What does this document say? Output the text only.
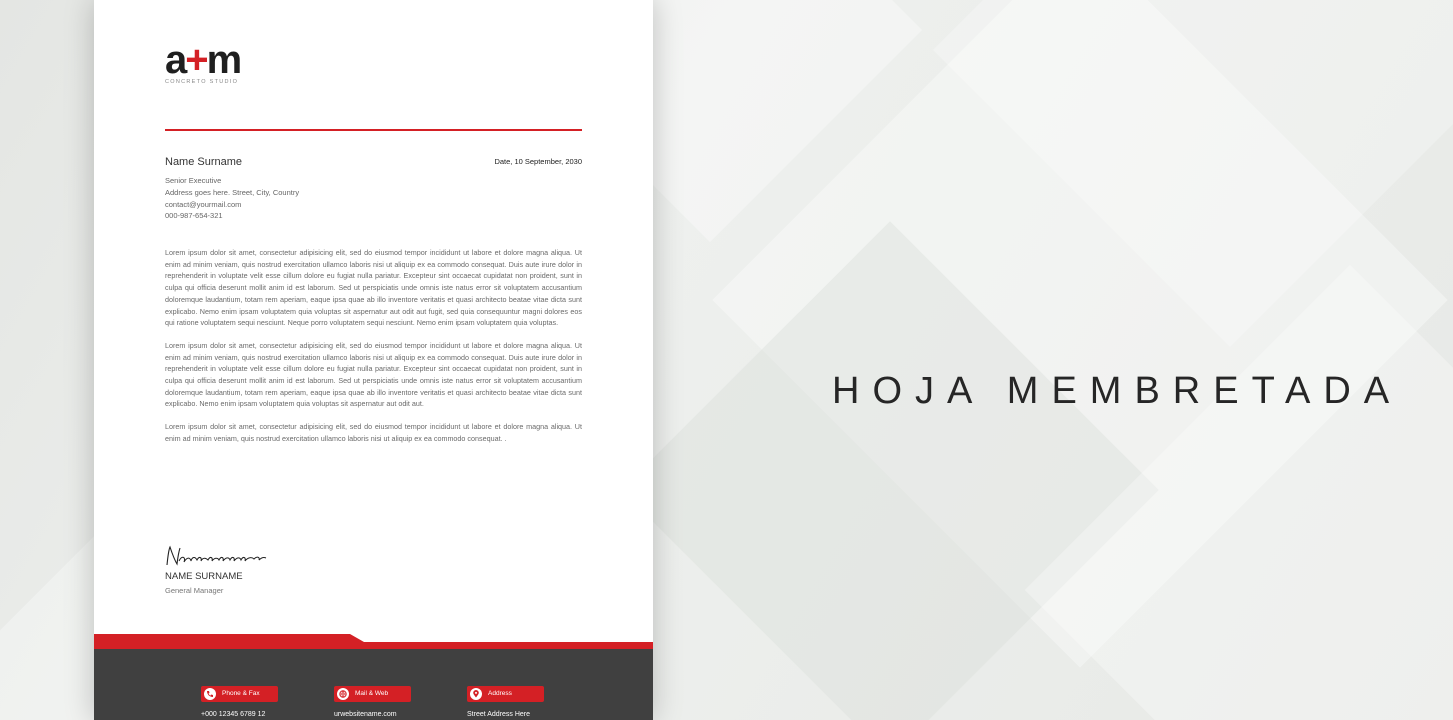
HOJA MEMBRETADA
a+m
CONCRETO STUDIO
Name Surname	Date, 10 September, 2030
Senior Executive
Address goes here. Street, City, Country
contact@yourmail.com
000-987-654-321

Lorem ipsum dolor sit amet, consectetur adipisicing elit, sed do eiusmod tempor incididunt ut labore et dolore magna aliqua. Ut enim ad minim veniam, quis nostrud exercitation ullamco laboris nisi ut aliquip ex ea commodo consequat. Duis aute irure dolor in reprehenderit in voluptate velit esse cillum dolore eu fugiat nulla pariatur. Excepteur sint occaecat cupidatat non proident, sunt in culpa qui officia deserunt mollit anim id est laborum. Sed ut perspiciatis unde omnis iste natus error sit voluptatem accusantium doloremque laudantium, totam rem aperiam, eaque ipsa quae ab illo inventore veritatis et quasi architecto beatae vitae dicta sunt explicabo. Nemo enim ipsam voluptatem quia voluptas sit aspernatur aut odit aut fugit, sed quia consequuntur magni dolores eos qui ratione voluptatem sequi nesciunt. Neque porro voluptatem sequi nesciunt. Nemo enim ipsam voluptatem quia voluptas.

Lorem ipsum dolor sit amet, consectetur adipisicing elit, sed do eiusmod tempor incididunt ut labore et dolore magna aliqua. Ut enim ad minim veniam, quis nostrud exercitation ullamco laboris nisi ut aliquip ex ea commodo consequat. Duis aute irure dolor in reprehenderit in voluptate velit esse cillum dolore eu fugiat nulla pariatur. Excepteur sint occaecat cupidatat non proident, sunt in culpa qui officia deserunt mollit anim id est laborum. Sed ut perspiciatis unde omnis iste natus error sit voluptatem accusantium doloremque laudantium, totam rem aperiam, eaque ipsa quae ab illo inventore veritatis et quasi architecto beatae vitae dicta sunt explicabo. Nemo enim ipsam voluptatem quia voluptas sit aspernatur aut odit aut.

Lorem ipsum dolor sit amet, consectetur adipisicing elit, sed do eiusmod tempor incididunt ut labore et dolore magna aliqua. Ut enim ad minim veniam, quis nostrud exercitation ullamco laboris nisi ut aliquip ex ea commodo consequat. .

NAME SURNAME
General Manager
Phone & Fax
+000 12345 6789 12
Mail & Web
urwebsitename.com
Address
Street Address Here
